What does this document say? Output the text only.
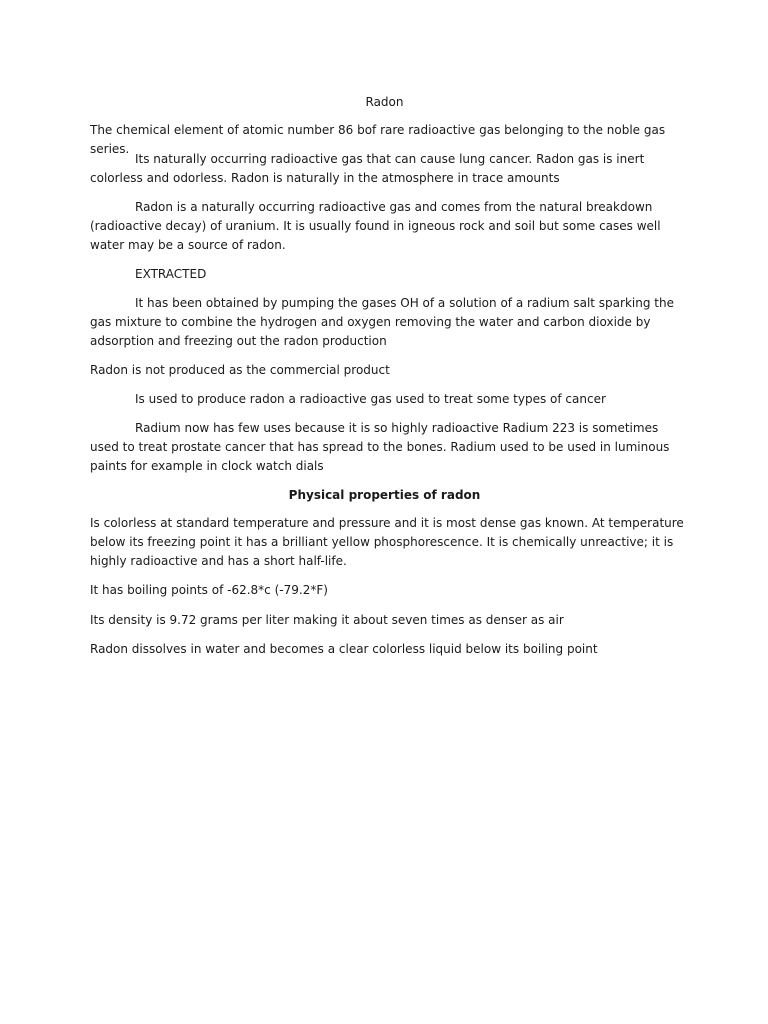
Radon

The chemical element of atomic number 86 bof rare radioactive gas belonging to the noble gas series.

Its naturally occurring radioactive gas that can cause lung cancer. Radon gas is inert colorless and odorless. Radon is naturally in the atmosphere in trace amounts

Radon is a naturally occurring radioactive gas and comes from the natural breakdown (radioactive decay) of uranium. It is usually found in igneous rock and soil but some cases well water may be a source of radon.

EXTRACTED

It has been obtained by pumping the gases OH of a solution of a radium salt sparking the gas mixture to combine the hydrogen and oxygen removing the water and carbon dioxide by adsorption and freezing out the radon production

Radon is not produced as the commercial product

Is used to produce radon a radioactive gas used to treat some types of cancer

Radium now has few uses because it is so highly radioactive Radium 223 is sometimes used to treat prostate cancer that has spread to the bones. Radium used to be used in luminous paints for example in clock watch dials

Physical properties of radon

Is colorless at standard temperature and pressure and it is most dense gas known. At temperature below its freezing point it has a brilliant yellow phosphorescence. It is chemically unreactive; it is highly radioactive and has a short half-life.

It has boiling points of -62.8*c (-79.2*F)

Its density is 9.72 grams per liter making it about seven times as denser as air

Radon dissolves in water and becomes a clear colorless liquid below its boiling point
